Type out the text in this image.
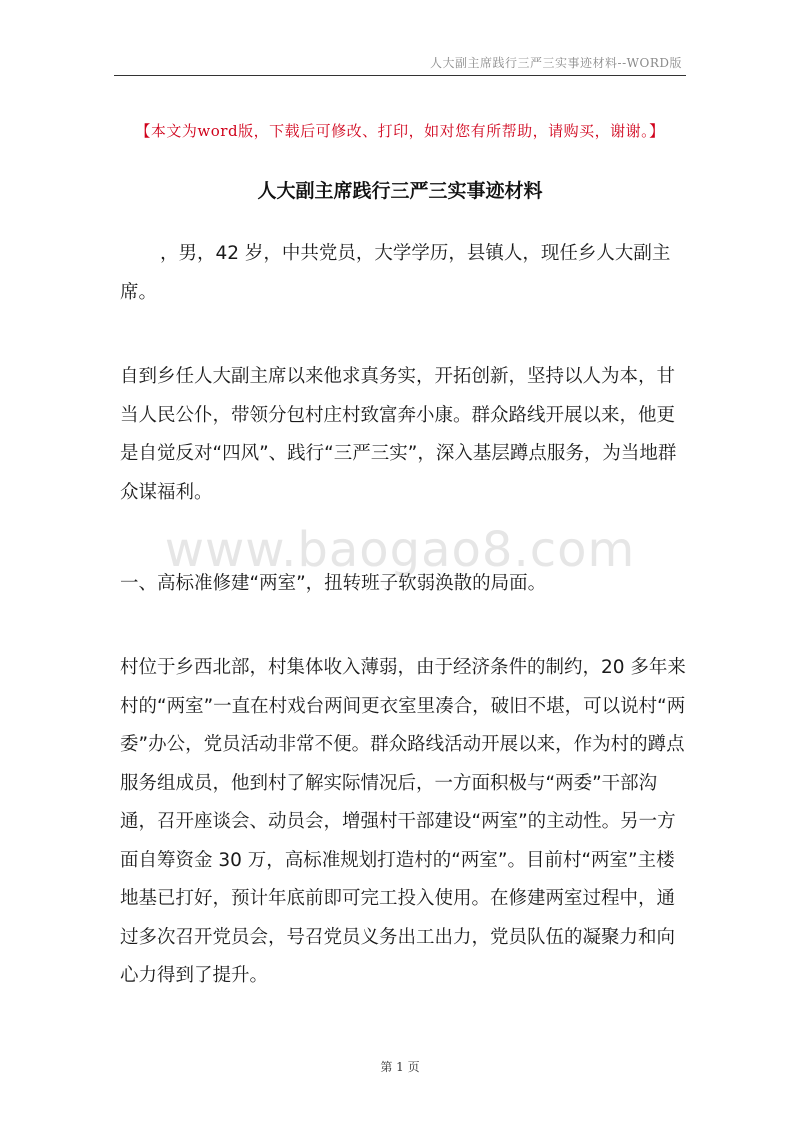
人大副主席践行三严三实事迹材料--WORD版
【本文为word版，下载后可修改、打印，如对您有所帮助，请购买，谢谢。】
人大副主席践行三严三实事迹材料
，男，42 岁，中共党员，大学学历，县镇人，现任乡人大副主席。
自到乡任人大副主席以来他求真务实，开拓创新，坚持以人为本，甘当人民公仆，带领分包村庄村致富奔小康。群众路线开展以来，他更是自觉反对“四风”、践行“三严三实”，深入基层蹲点服务，为当地群众谋福利。
www.baogao8.com
一、高标准修建“两室”，扭转班子软弱涣散的局面。
村位于乡西北部，村集体收入薄弱，由于经济条件的制约，20 多年来村的“两室”一直在村戏台两间更衣室里凑合，破旧不堪，可以说村“两委”办公，党员活动非常不便。群众路线活动开展以来，作为村的蹲点服务组成员，他到村了解实际情况后，一方面积极与“两委”干部沟通，召开座谈会、动员会，增强村干部建设“两室”的主动性。另一方面自筹资金 30 万，高标准规划打造村的“两室”。目前村“两室”主楼地基已打好，预计年底前即可完工投入使用。在修建两室过程中，通过多次召开党员会，号召党员义务出工出力，党员队伍的凝聚力和向心力得到了提升。
第 1 页
